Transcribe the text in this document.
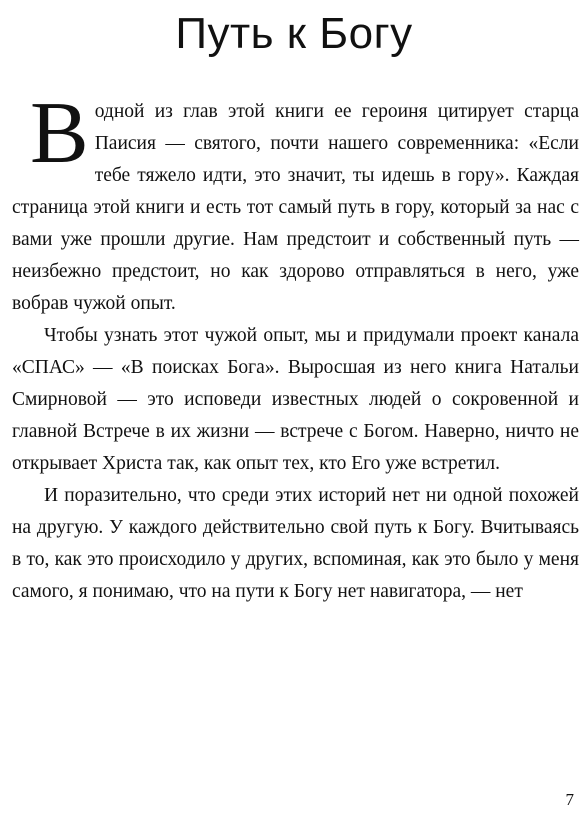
Путь к Богу

В одной из глав этой книги ее героиня цитирует старца Паисия — святого, почти нашего современника: «Если тебе тяжело идти, это значит, ты идешь в гору». Каждая страница этой книги и есть тот самый путь в гору, который за нас с вами уже прошли другие. Нам предстоит и собственный путь — неизбежно предстоит, но как здорово отправляться в него, уже вобрав чужой опыт.

Чтобы узнать этот чужой опыт, мы и придумали проект канала «СПАС» — «В поисках Бога». Выросшая из него книга Натальи Смирновой — это исповеди известных людей о сокровенной и главной Встрече в их жизни — встрече с Богом. Наверно, ничто не открывает Христа так, как опыт тех, кто Его уже встретил.

И поразительно, что среди этих историй нет ни одной похожей на другую. У каждого действительно свой путь к Богу. Вчитываясь в то, как это происходило у других, вспоминая, как это было у меня самого, я понимаю, что на пути к Богу нет навигатора, — нет

7
